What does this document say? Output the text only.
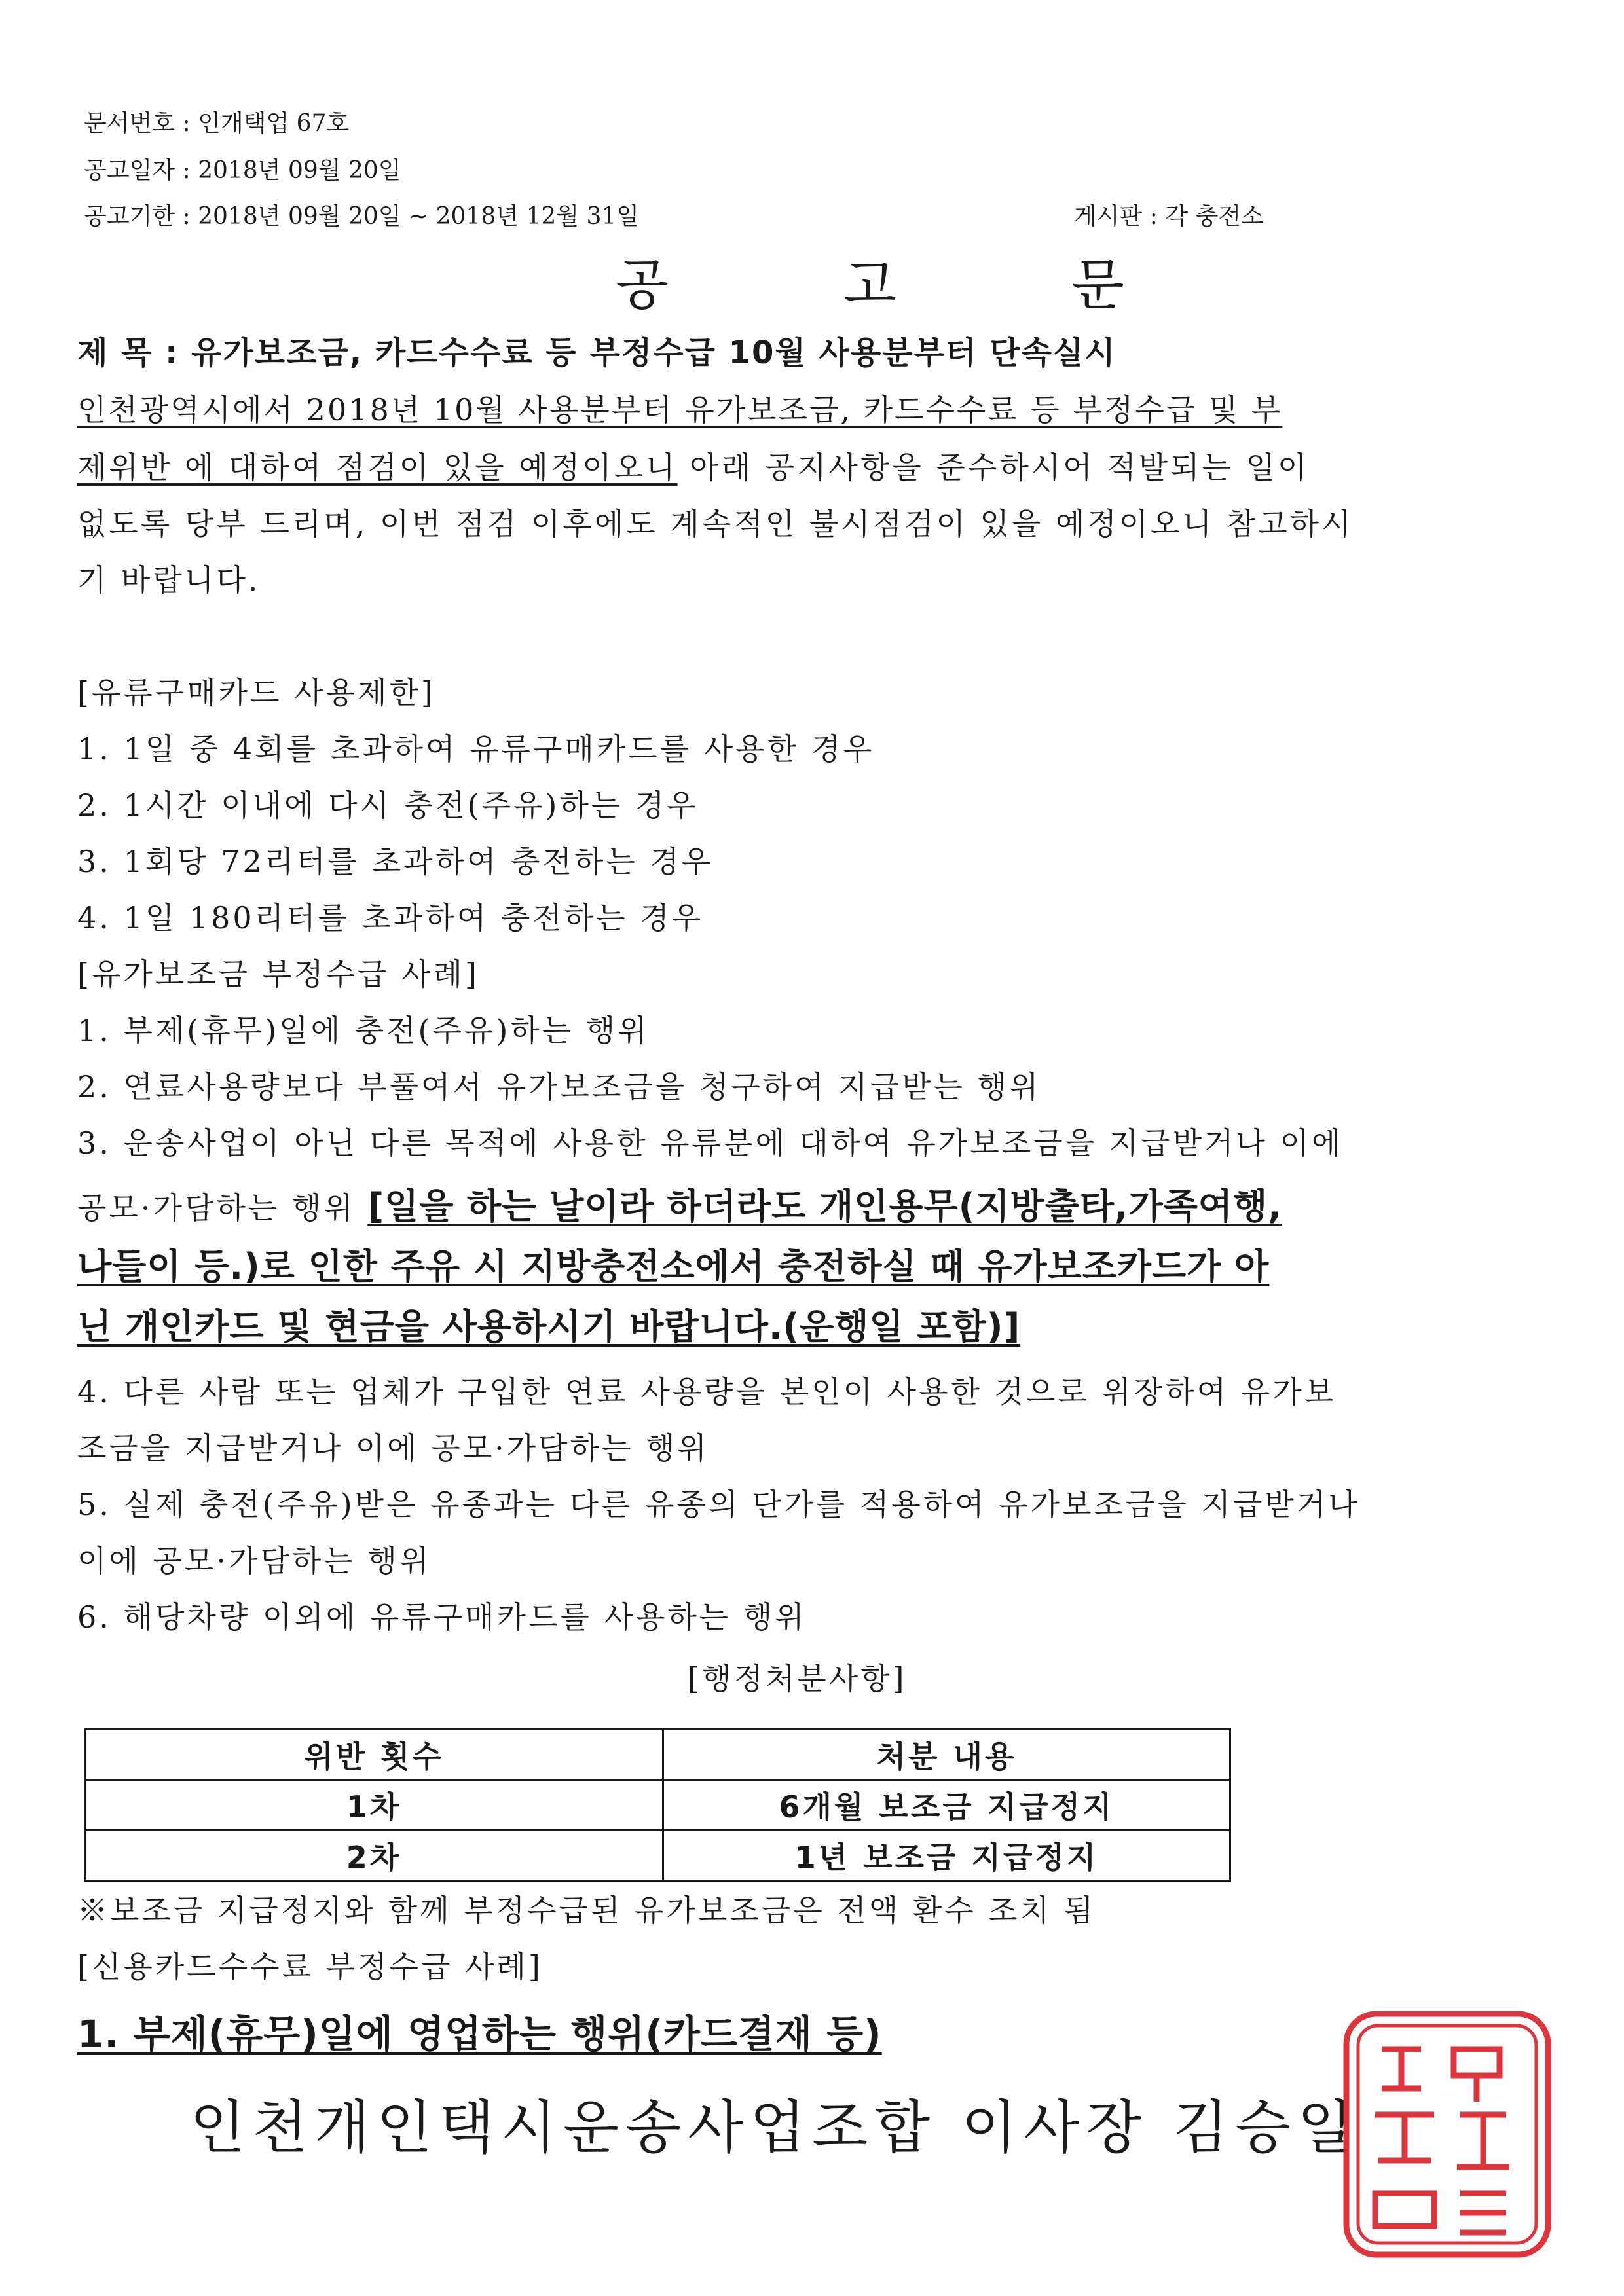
문서번호 : 인개택업 67호
공고일자 : 2018년 09월 20일
공고기한 : 2018년 09월 20일 ~ 2018년 12월 31일	게시판 : 각 충전소
공 고 문
제 목 : 유가보조금, 카드수수료 등 부정수급 10월 사용분부터 단속실시
인천광역시에서 2018년 10월 사용분부터 유가보조금, 카드수수료 등 부정수급 및 부
제위반 에 대하여 점검이 있을 예정이오니 아래 공지사항을 준수하시어 적발되는 일이
없도록 당부 드리며, 이번 점검 이후에도 계속적인 불시점검이 있을 예정이오니 참고하시
기 바랍니다.
[유류구매카드 사용제한]
1. 1일 중 4회를 초과하여 유류구매카드를 사용한 경우
2. 1시간 이내에 다시 충전(주유)하는 경우
3. 1회당 72리터를 초과하여 충전하는 경우
4. 1일 180리터를 초과하여 충전하는 경우
[유가보조금 부정수급 사례]
1. 부제(휴무)일에 충전(주유)하는 행위
2. 연료사용량보다 부풀여서 유가보조금을 청구하여 지급받는 행위
3. 운송사업이 아닌 다른 목적에 사용한 유류분에 대하여 유가보조금을 지급받거나 이에
공모·가담하는 행위 [일을 하는 날이라 하더라도 개인용무(지방출타,가족여행,
나들이 등.)로 인한 주유 시 지방충전소에서 충전하실 때 유가보조카드가 아
닌 개인카드 및 현금을 사용하시기 바랍니다.(운행일 포함)]
4. 다른 사람 또는 업체가 구입한 연료 사용량을 본인이 사용한 것으로 위장하여 유가보
조금을 지급받거나 이에 공모·가담하는 행위
5. 실제 충전(주유)받은 유종과는 다른 유종의 단가를 적용하여 유가보조금을 지급받거나
이에 공모·가담하는 행위
6. 해당차량 이외에 유류구매카드를 사용하는 행위
[행정처분사항]
위반 횟수	처분 내용
1차	6개월 보조금 지급정지
2차	1년 보조금 지급정지
※보조금 지급정지와 함께 부정수급된 유가보조금은 전액 환수 조치 됨
[신용카드수수료 부정수급 사례]
1. 부제(휴무)일에 영업하는 행위(카드결재 등)
인천개인택시운송사업조합 이사장 김승일
